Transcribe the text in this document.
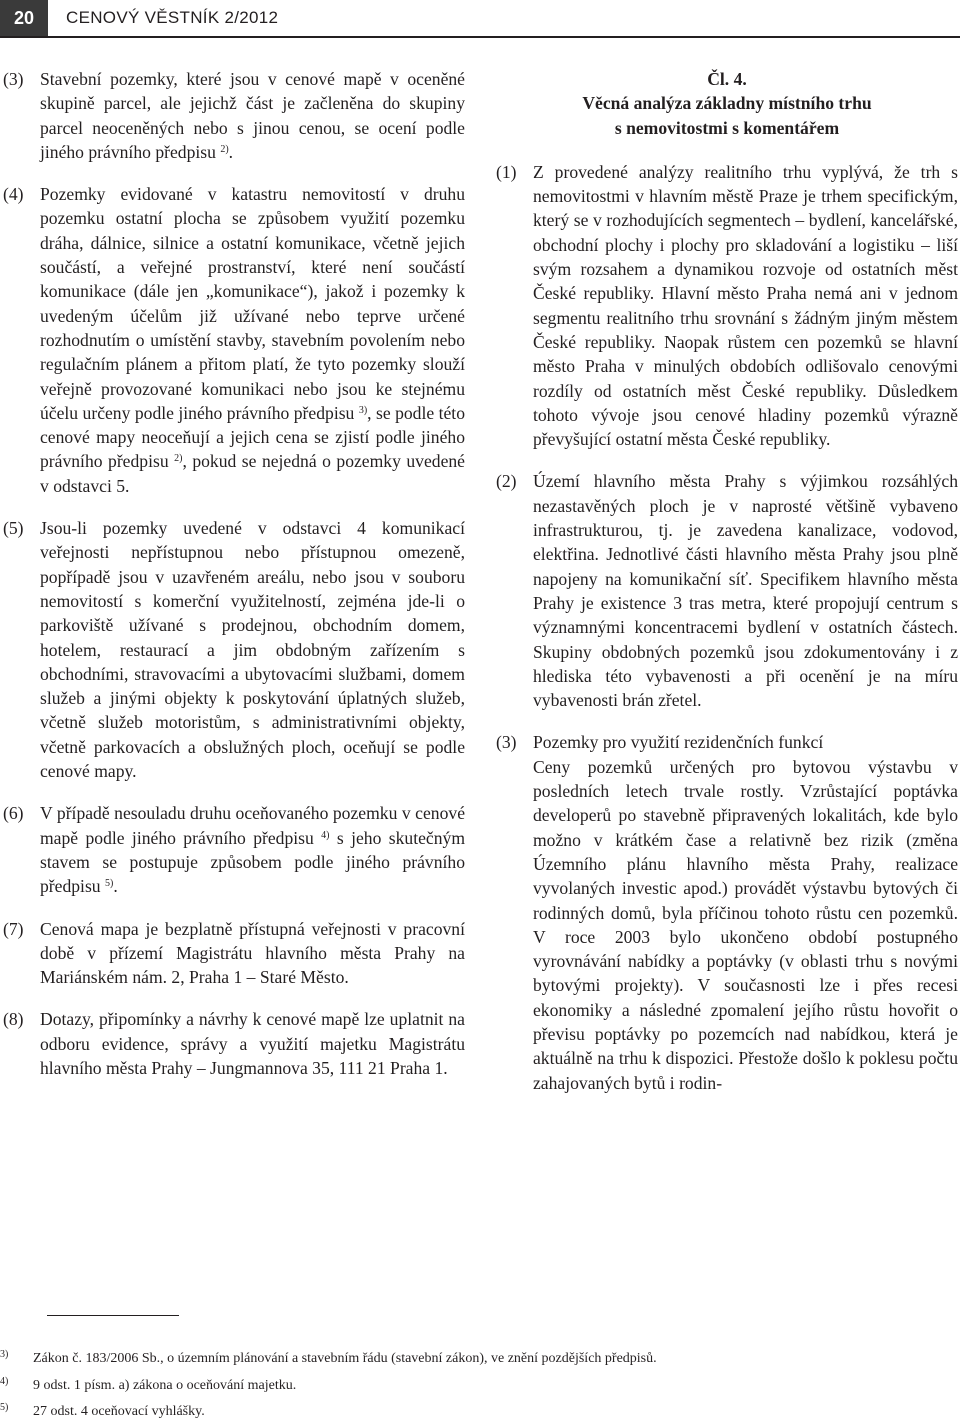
20	CENOVÝ VĚSTNÍK 2/2012
(3) Stavební pozemky, které jsou v cenové mapě v oceněné skupině parcel, ale jejichž část je začleněna do skupiny parcel neoceněných nebo s jinou cenou, se ocení podle jiného právního předpisu $^{2)}$.

(4) Pozemky evidované v katastru nemovitostí v druhu pozemku ostatní plocha se způsobem využití pozemku dráha, dálnice, silnice a ostatní komunikace, včetně jejich součástí, a veřejné prostranství, které není součástí komunikace (dále jen „komunikace“), jakož i pozemky k uvedeným účelům již užívané nebo teprve určené rozhodnutím o umístění stavby, stavebním povolením nebo regulačním plánem a přitom platí, že tyto pozemky slouží veřejně provozované komunikaci nebo jsou ke stejnému účelu určeny podle jiného právního předpisu $^{3)}$, se podle této cenové mapy neoceňují a jejich cena se zjistí podle jiného právního předpisu $^{2)}$, pokud se nejedná o pozemky uvedené v odstavci 5.

(5) Jsou-li pozemky uvedené v odstavci 4 komunikací veřejnosti nepřístupnou nebo přístupnou omezeně, popřípadě jsou v uzavřeném areálu, nebo jsou v souboru nemovitostí s komerční využitelností, zejména jde-li o parkoviště užívané s prodejnou, obchodním domem, hotelem, restaurací a jim obdobným zařízením s obchodními, stravovacími a ubytovacími službami, domem služeb a jinými objekty k poskytování úplatných služeb, včetně služeb motoristům, s administrativními objekty, včetně parkovacích a obslužných ploch, oceňují se podle cenové mapy.

(6) V případě nesouladu druhu oceňovaného pozemku v cenové mapě podle jiného právního předpisu $^{4)}$ s jeho skutečným stavem se postupuje způsobem podle jiného právního předpisu $^{5)}$.

(7) Cenová mapa je bezplatně přístupná veřejnosti v pracovní době v přízemí Magistrátu hlavního města Prahy na Mariánském nám. 2, Praha 1 – Staré Město.

(8) Dotazy, připomínky a návrhy k cenové mapě lze uplatnit na odboru evidence, správy a využití majetku Magistrátu hlavního města Prahy – Jungmannova 35, 111 21 Praha 1.

Čl. 4.
Věcná analýza základny místního trhu
s nemovitostmi s komentářem
(1) Z provedené analýzy realitního trhu vyplývá, že trh s nemovitostmi v hlavním městě Praze je trhem specifickým, který se v rozhodujících segmentech – bydlení, kancelářské, obchodní plochy i plochy pro skladování a logistiku – liší svým rozsahem a dynamikou rozvoje od ostatních měst České republiky. Hlavní město Praha nemá ani v jednom segmentu realitního trhu srovnání s žádným jiným městem České republiky. Naopak růstem cen pozemků se hlavní město Praha v minulých obdobích odlišovalo cenovými rozdíly od ostatních měst České republiky. Důsledkem tohoto vývoje jsou cenové hladiny pozemků výrazně převyšující ostatní města České republiky.

(2) Území hlavního města Prahy s výjimkou rozsáhlých nezastavěných ploch je v naprosté většině vybaveno infrastrukturou, tj. je zavedena kanalizace, vodovod, elektřina. Jednotlivé části hlavního města Prahy jsou plně napojeny na komunikační síť. Specifikem hlavního města Prahy je existence 3 tras metra, které propojují centrum s významnými koncentracemi bydlení v ostatních částech. Skupiny obdobných pozemků jsou zdokumentovány i z hlediska této vybavenosti a při ocenění je na míru vybavenosti brán zřetel.

(3) Pozemky pro využití rezidenčních funkcí

Ceny pozemků určených pro bytovou výstavbu v posledních letech trvale rostly. Vzrůstající poptávka developerů po stavebně připravených lokalitách, kde bylo možno v krátkém čase a relativně bez rizik (změna Územního plánu hlavního města Prahy, realizace vyvolaných investic apod.) provádět výstavbu bytových či rodinných domů, byla příčinou tohoto růstu cen pozemků. V roce 2003 bylo ukončeno období postupného vyrovnávání nabídky a poptávky (v oblasti trhu s novými bytovými projekty). V současnosti lze i přes recesi ekonomiky a následné zpomalení jejího růstu hovořit o převisu poptávky po pozemcích nad nabídkou, která je aktuálně na trhu k dispozici. Přestože došlo k poklesu počtu zahajovaných bytů i rodin-

3) Zákon č. 183/2006 Sb., o územním plánování a stavebním řádu (stavební zákon), ve znění pozdějších předpisů.
4) 9 odst. 1 písm. a) zákona o oceňování majetku.
5) 27 odst. 4 oceňovací vyhlášky.
